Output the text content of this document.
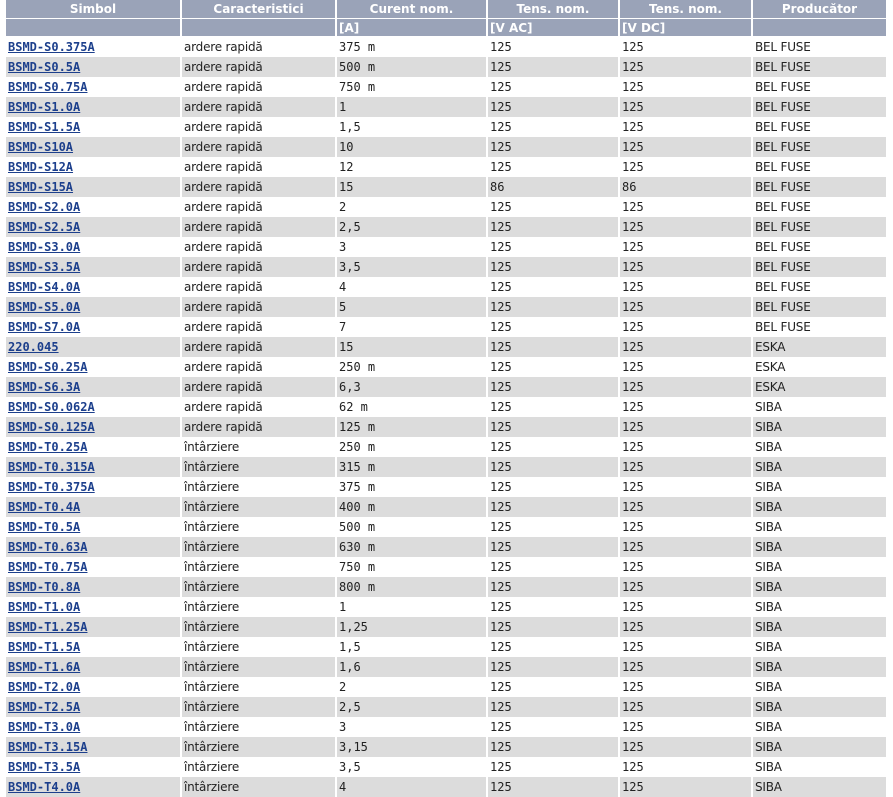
Simbol	Caracteristici	Curent nom.	Tens. nom.	Tens. nom.	Producător
		[A]	[V AC]	[V DC]	
BSMD-S0.375A	ardere rapidă	375 m	125	125	BEL FUSE
BSMD-S0.5A	ardere rapidă	500 m	125	125	BEL FUSE
BSMD-S0.75A	ardere rapidă	750 m	125	125	BEL FUSE
BSMD-S1.0A	ardere rapidă	1	125	125	BEL FUSE
BSMD-S1.5A	ardere rapidă	1,5	125	125	BEL FUSE
BSMD-S10A	ardere rapidă	10	125	125	BEL FUSE
BSMD-S12A	ardere rapidă	12	125	125	BEL FUSE
BSMD-S15A	ardere rapidă	15	86	86	BEL FUSE
BSMD-S2.0A	ardere rapidă	2	125	125	BEL FUSE
BSMD-S2.5A	ardere rapidă	2,5	125	125	BEL FUSE
BSMD-S3.0A	ardere rapidă	3	125	125	BEL FUSE
BSMD-S3.5A	ardere rapidă	3,5	125	125	BEL FUSE
BSMD-S4.0A	ardere rapidă	4	125	125	BEL FUSE
BSMD-S5.0A	ardere rapidă	5	125	125	BEL FUSE
BSMD-S7.0A	ardere rapidă	7	125	125	BEL FUSE
220.045	ardere rapidă	15	125	125	ESKA
BSMD-S0.25A	ardere rapidă	250 m	125	125	ESKA
BSMD-S6.3A	ardere rapidă	6,3	125	125	ESKA
BSMD-S0.062A	ardere rapidă	62 m	125	125	SIBA
BSMD-S0.125A	ardere rapidă	125 m	125	125	SIBA
BSMD-T0.25A	întârziere	250 m	125	125	SIBA
BSMD-T0.315A	întârziere	315 m	125	125	SIBA
BSMD-T0.375A	întârziere	375 m	125	125	SIBA
BSMD-T0.4A	întârziere	400 m	125	125	SIBA
BSMD-T0.5A	întârziere	500 m	125	125	SIBA
BSMD-T0.63A	întârziere	630 m	125	125	SIBA
BSMD-T0.75A	întârziere	750 m	125	125	SIBA
BSMD-T0.8A	întârziere	800 m	125	125	SIBA
BSMD-T1.0A	întârziere	1	125	125	SIBA
BSMD-T1.25A	întârziere	1,25	125	125	SIBA
BSMD-T1.5A	întârziere	1,5	125	125	SIBA
BSMD-T1.6A	întârziere	1,6	125	125	SIBA
BSMD-T2.0A	întârziere	2	125	125	SIBA
BSMD-T2.5A	întârziere	2,5	125	125	SIBA
BSMD-T3.0A	întârziere	3	125	125	SIBA
BSMD-T3.15A	întârziere	3,15	125	125	SIBA
BSMD-T3.5A	întârziere	3,5	125	125	SIBA
BSMD-T4.0A	întârziere	4	125	125	SIBA
